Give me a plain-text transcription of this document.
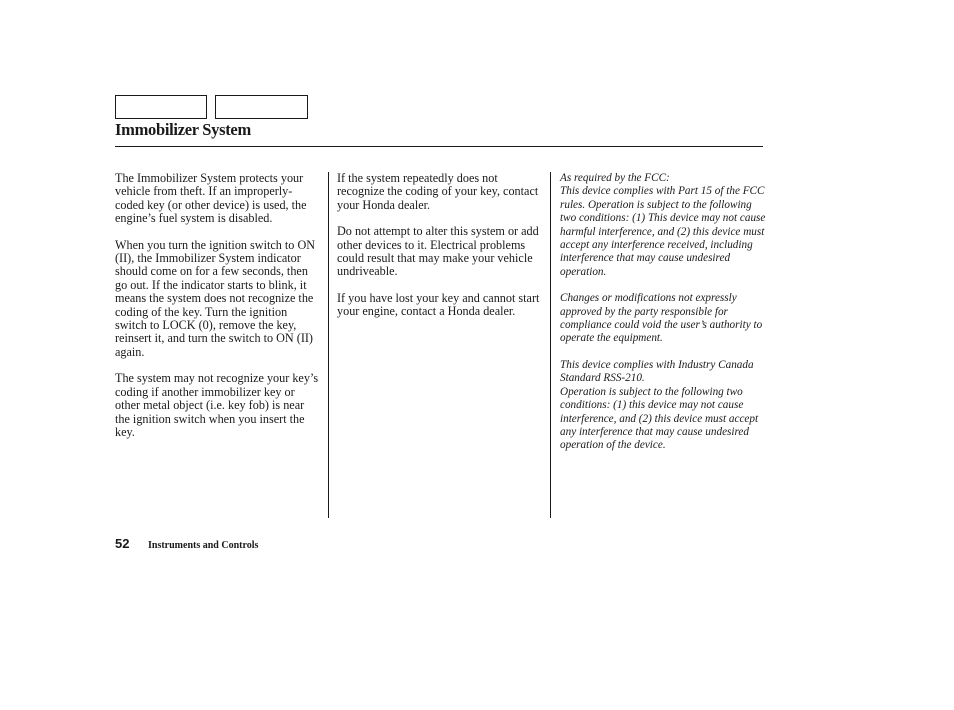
Immobilizer System

The Immobilizer System protects your vehicle from theft. If an improperly-coded key (or other device) is used, the engine’s fuel system is disabled.

When you turn the ignition switch to ON (II), the Immobilizer System indicator should come on for a few seconds, then go out. If the indicator starts to blink, it means the system does not recognize the coding of the key. Turn the ignition switch to LOCK (0), remove the key, reinsert it, and turn the switch to ON (II) again.

The system may not recognize your key’s coding if another immobilizer key or other metal object (i.e. key fob) is near the ignition switch when you insert the key.

If the system repeatedly does not recognize the coding of your key, contact your Honda dealer.

Do not attempt to alter this system or add other devices to it. Electrical problems could result that may make your vehicle undriveable.

If you have lost your key and cannot start your engine, contact a Honda dealer.

As required by the FCC:
This device complies with Part 15 of the FCC rules. Operation is subject to the following two conditions: (1) This device may not cause harmful interference, and (2) this device must accept any interference received, including interference that may cause undesired operation.

Changes or modifications not expressly approved by the party responsible for compliance could void the user’s authority to operate the equipment.

This device complies with Industry Canada Standard RSS-210.
Operation is subject to the following two conditions: (1) this device may not cause interference, and (2) this device must accept any interference that may cause undesired operation of the device.

52 Instruments and Controls
